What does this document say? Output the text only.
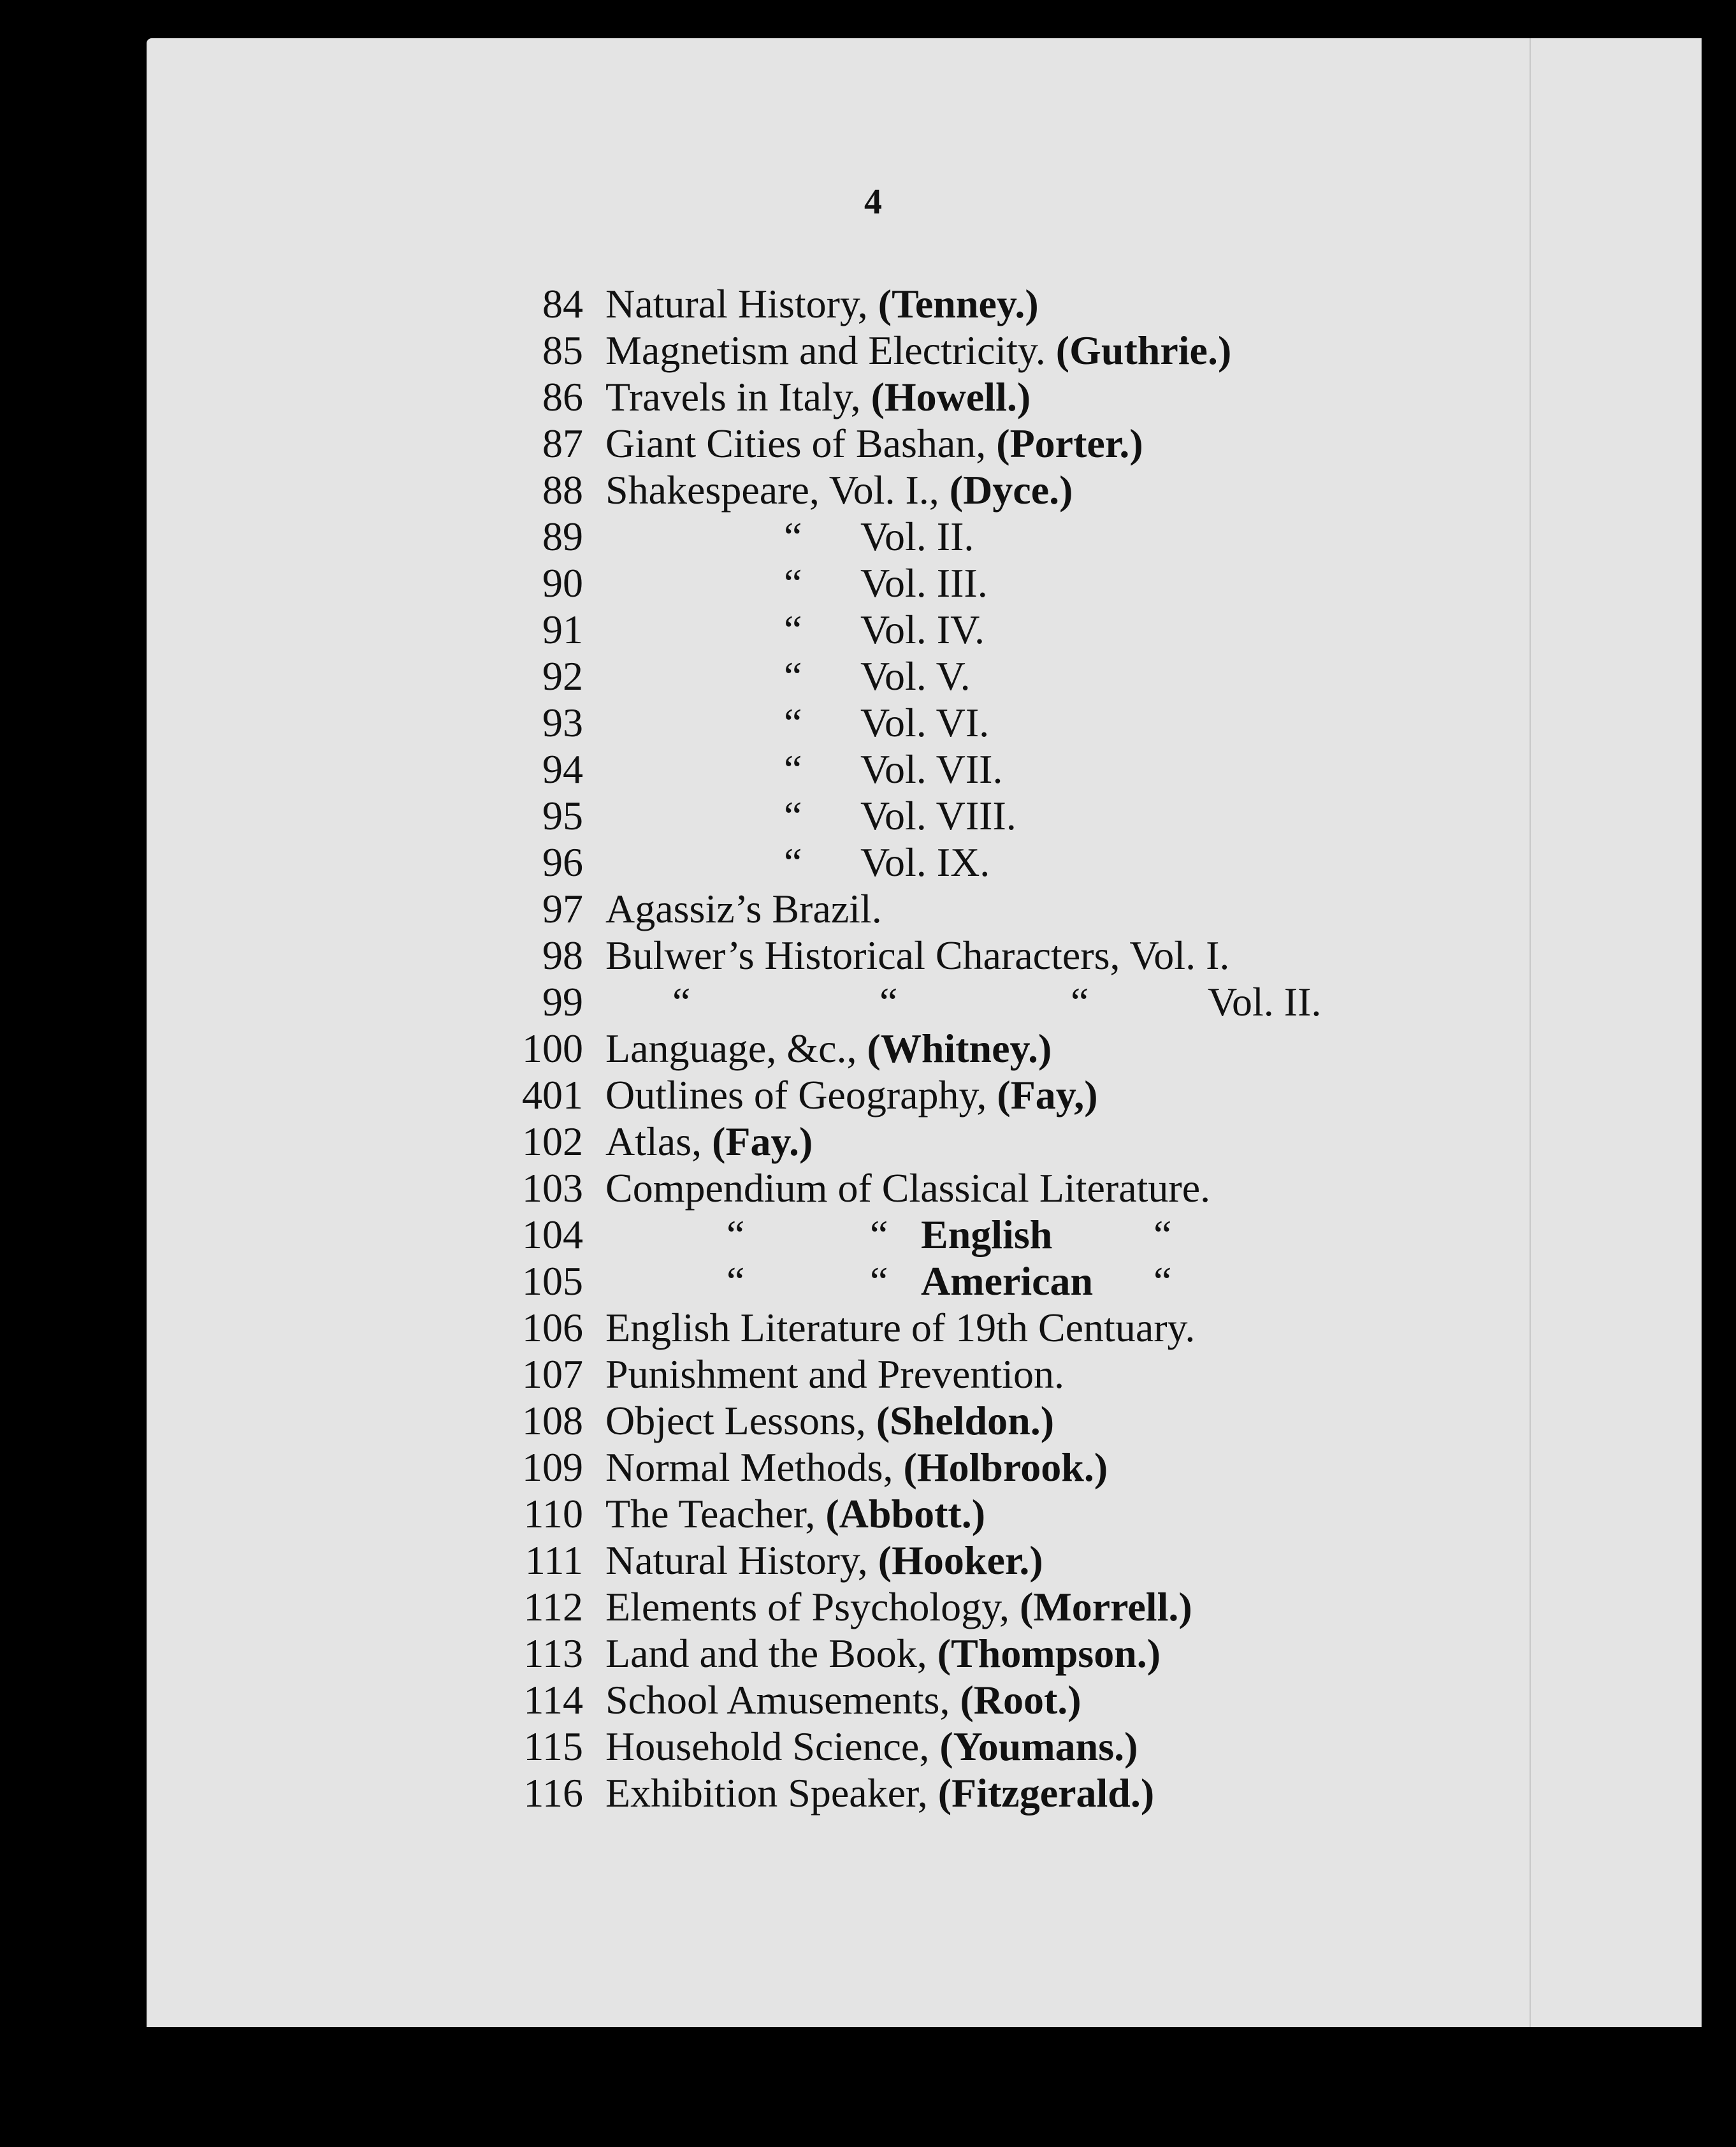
4
84 Natural History, (Tenney.)
85 Magnetism and Electricity. (Guthrie.)
86 Travels in Italy, (Howell.)
87 Giant Cities of Bashan, (Porter.)
88 Shakespeare, Vol. I., (Dyce.)
89	“ Vol. II.
90	“ Vol. III.
91	“ Vol. IV.
92	“ Vol. V.
93	“ Vol. VI.
94	“ Vol. VII.
95	“ Vol. VIII.
96	“ Vol. IX.
97 Agassiz’s Brazil.
98 Bulwer’s Historical Characters, Vol. I.
99 “	“	“	Vol. II.
100 Language, &c., (Whitney.)
401 Outlines of Geography, (Fay,)
102 Atlas, (Fay.)
103 Compendium of Classical Literature.
104	“	“ English “
105	“	“ American “
106 English Literature of 19th Centuary.
107 Punishment and Prevention.
108 Object Lessons, (Sheldon.)
109 Normal Methods, (Holbrook.)
110 The Teacher, (Abbott.)
111 Natural History, (Hooker.)
112 Elements of Psychology, (Morrell.)
113 Land and the Book, (Thompson.)
114 School Amusements, (Root.)
115 Household Science, (Youmans.)
116 Exhibition Speaker, (Fitzgerald.)
